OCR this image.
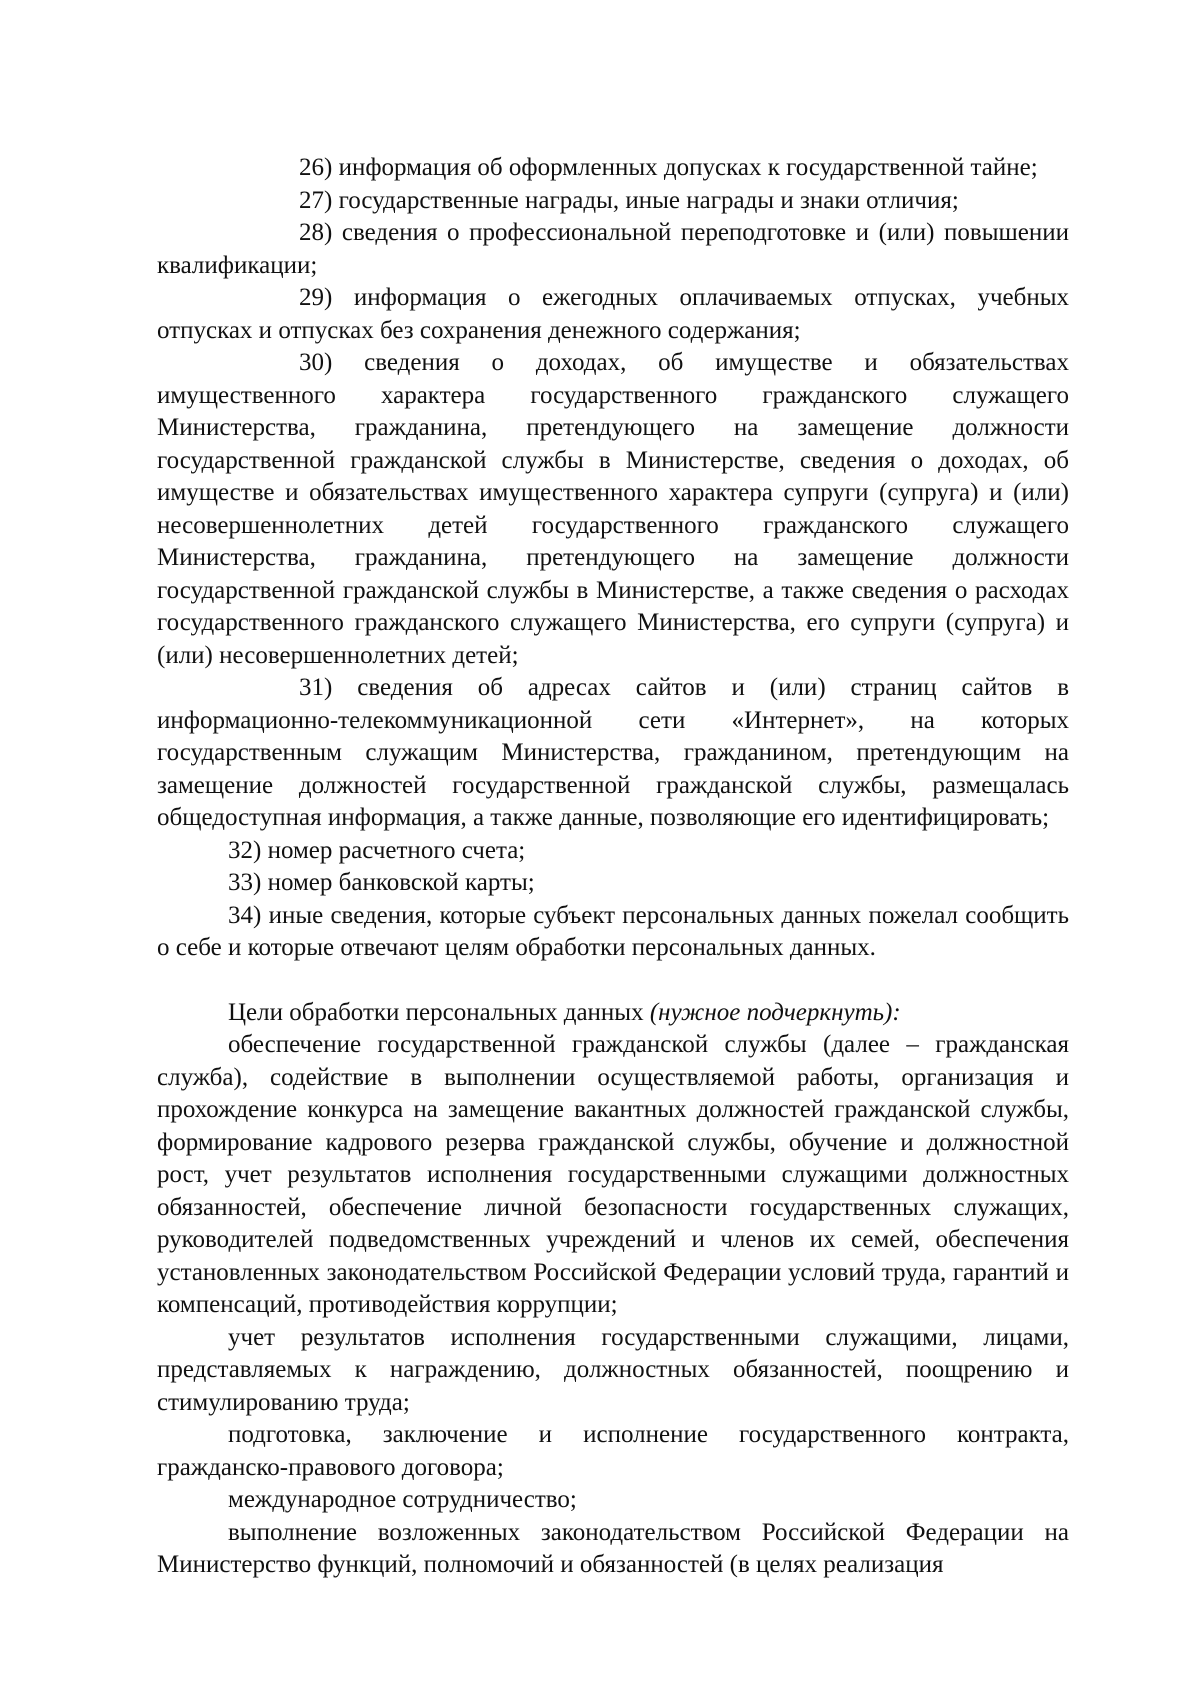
26) информация об оформленных допусках к государственной тайне;

27) государственные награды, иные награды и знаки отличия;

28) сведения о профессиональной переподготовке и (или) повышении квалификации;

29) информация о ежегодных оплачиваемых отпусках, учебных отпусках и отпусках без сохранения денежного содержания;

30) сведения о доходах, об имуществе и обязательствах имущественного характера государственного гражданского служащего Министерства, гражданина, претендующего на замещение должности государственной гражданской службы в Министерстве, сведения о доходах, об имуществе и обязательствах имущественного характера супруги (супруга) и (или) несовершеннолетних детей государственного гражданского служащего Министерства, гражданина, претендующего на замещение должности государственной гражданской службы в Министерстве, а также сведения о расходах государственного гражданского служащего Министерства, его супруги (супруга) и (или) несовершеннолетних детей;

31) сведения об адресах сайтов и (или) страниц сайтов в информационно-телекоммуникационной сети «Интернет», на которых государственным служащим Министерства, гражданином, претендующим на замещение должностей государственной гражданской службы, размещалась общедоступная информация, а также данные, позволяющие его идентифицировать;

32) номер расчетного счета;

33) номер банковской карты;

34) иные сведения, которые субъект персональных данных пожелал сообщить о себе и которые отвечают целям обработки персональных данных.

Цели обработки персональных данных (нужное подчеркнуть):

обеспечение государственной гражданской службы (далее – гражданская служба), содействие в выполнении осуществляемой работы, организация и прохождение конкурса на замещение вакантных должностей гражданской службы, формирование кадрового резерва гражданской службы, обучение и должностной рост, учет результатов исполнения государственными служащими должностных обязанностей, обеспечение личной безопасности государственных служащих, руководителей подведомственных учреждений и членов их семей, обеспечения установленных законодательством Российской Федерации условий труда, гарантий и компенсаций, противодействия коррупции;

учет результатов исполнения государственными служащими, лицами, представляемых к награждению, должностных обязанностей, поощрению и стимулированию труда;

подготовка, заключение и исполнение государственного контракта, гражданско-правового договора;

международное сотрудничество;

выполнение возложенных законодательством Российской Федерации на Министерство функций, полномочий и обязанностей (в целях реализация
